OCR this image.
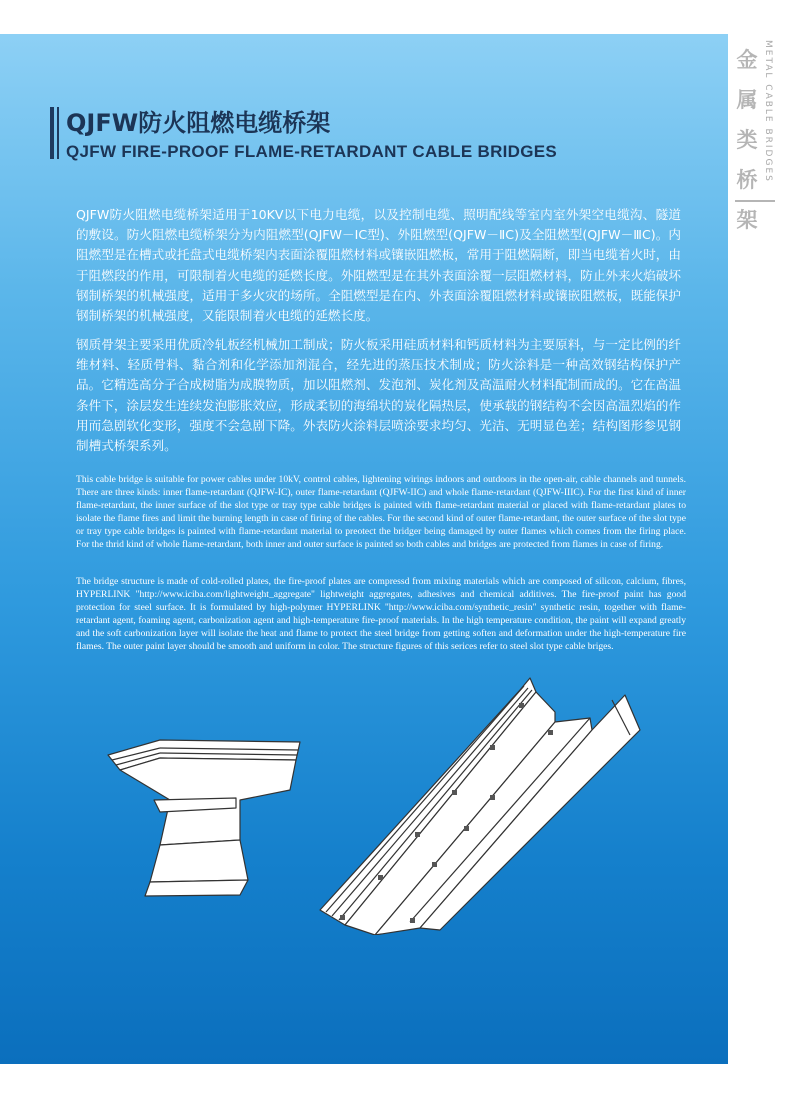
金
属
类
桥
架
METAL CABLE BRIDGES
QJFW防火阻燃电缆桥架
QJFW FIRE-PROOF FLAME-RETARDANT CABLE BRIDGES

QJFW防火阻燃电缆桥架适用于10KV以下电力电缆，以及控制电缆、照明配线等室内室外架空电缆沟、隧道的敷设。防火阻燃电缆桥架分为内阻燃型(QJFW－ⅠC型)、外阻燃型(QJFW－ⅡC)及全阻燃型(QJFW－ⅢC)。内阻燃型是在槽式或托盘式电缆桥架内表面涂覆阻燃材料或镶嵌阻燃板，常用于阻燃隔断，即当电缆着火时，由于阻燃段的作用，可限制着火电缆的延燃长度。外阻燃型是在其外表面涂覆一层阻燃材料，防止外来火焰破坏钢制桥架的机械强度，适用于多火灾的场所。全阻燃型是在内、外表面涂覆阻燃材料或镶嵌阻燃板，既能保护钢制桥架的机械强度，又能限制着火电缆的延燃长度。

钢质骨架主要采用优质冷轧板经机械加工制成；防火板采用硅质材料和钙质材料为主要原料，与一定比例的纤维材料、轻质骨料、黏合剂和化学添加剂混合，经先进的蒸压技术制成；防火涂料是一种高效钢结构保护产品。它精选高分子合成树脂为成膜物质，加以阻燃剂、发泡剂、炭化剂及高温耐火材料配制而成的。它在高温条件下，涂层发生连续发泡膨胀效应，形成柔韧的海绵状的炭化隔热层，使承载的钢结构不会因高温烈焰的作用而急剧软化变形，强度不会急剧下降。外表防火涂料层喷涂要求均匀、光洁、无明显色差；结构图形参见钢制槽式桥架系列。

This cable bridge is suitable for power cables under 10kV, control cables, lightening wirings indoors and outdoors in the open-air, cable channels and tunnels. There are three kinds: inner flame-retardant (QJFW-IC), outer flame-retardant (QJFW-IIC) and whole flame-retardant (QJFW-IIIC). For the first kind of inner flame-retardant, the inner surface of the slot type or tray type cable bridges is painted with flame-retardant material or placed with flame-retardant plates to isolate the flame fires and limit the burning length in case of firing of the cables. For the second kind of outer flame-retardant, the outer surface of the slot type or tray type cable bridges is painted with flame-retardant material to preotect the bridger being damaged by outer flames which comes from the firing place. For the thrid kind of whole flame-retardant, both inner and outer surface is painted so both cables and bridges are protected from flames in case of firing.

The bridge structure is made of cold-rolled plates, the fire-proof plates are compressd from mixing materials which are composed of silicon, calcium, fibres, HYPERLINK "http://www.iciba.com/lightweight_aggregate" lightweight aggregates, adhesives and chemical additives. The fire-proof paint has good protection for steel surface. It is formulated by high-polymer HYPERLINK "http://www.iciba.com/synthetic_resin" synthetic resin, together with flame-retardant agent, foaming agent, carbonization agent and high-temperature fire-proof materials. In the high temperature condition, the paint will expand greatly and the soft carbonization layer will isolate the heat and flame to protect the steel bridge from getting soften and deformation under the high-temperature fire flames. The outer paint layer should be smooth and uniform in color. The structure figures of this serices refer to steel slot type cable briges.
